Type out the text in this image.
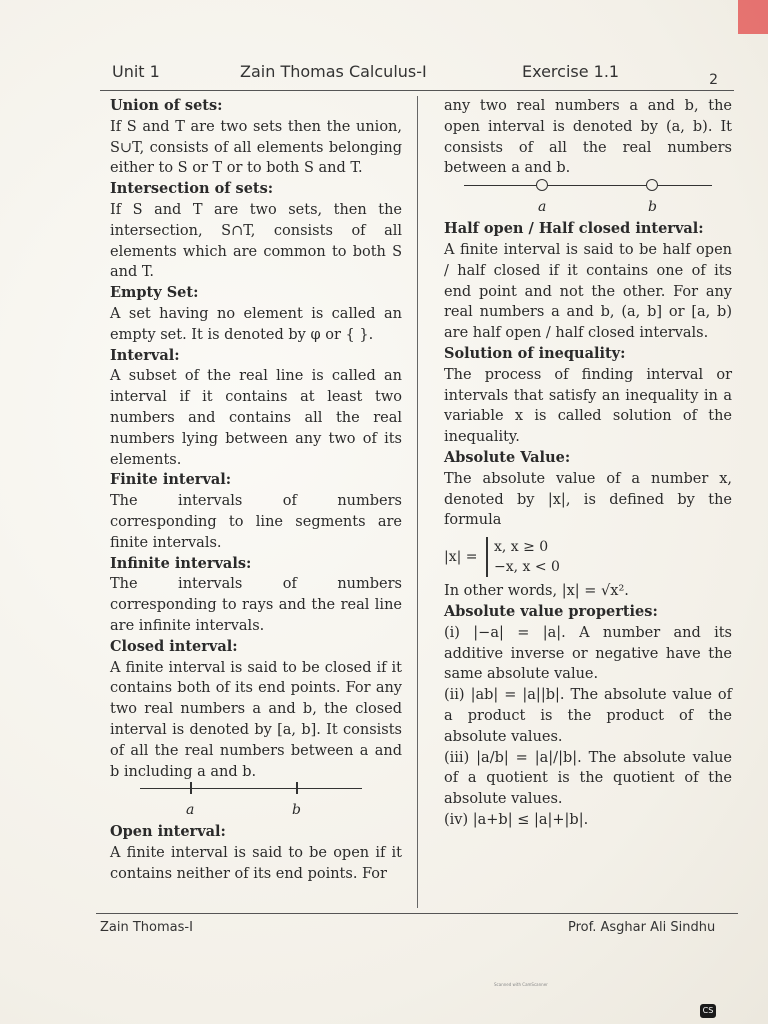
Unit 1	Zain Thomas Calculus-I	Exercise 1.1	2
Union of sets:

If S and T are two sets then the union, S∪T, consists of all elements belonging either to S or T or to both S and T.

Intersection of sets:

If S and T are two sets, then the intersection, S∩T, consists of all elements which are common to both S and T.

Empty Set:

A set having no element is called an empty set. It is denoted by φ or { }.

Interval:

A subset of the real line is called an interval if it contains at least two numbers and contains all the real numbers lying between any two of its elements.

Finite interval:

The intervals of numbers corresponding to line segments are finite intervals.

Infinite intervals:

The intervals of numbers corresponding to rays and the real line are infinite intervals.

Closed interval:

A finite interval is said to be closed if it contains both of its end points. For any two real numbers a and b, the closed interval is denoted by [a, b]. It consists of all the real numbers between a and b including a and b.

a	b
Open interval:

A finite interval is said to be open if it contains neither of its end points. For

any two real numbers a and b, the open interval is denoted by (a, b). It consists of all the real numbers between a and b.

a	b
Half open / Half closed interval:

A finite interval is said to be half open / half closed if it contains one of its end point and not the other. For any real numbers a and b, (a, b] or [a, b) are half open / half closed intervals.

Solution of inequality:

The process of finding interval or intervals that satisfy an inequality in a variable x is called solution of the inequality.

Absolute Value:

The absolute value of a number x, denoted by |x|, is defined by the formula

|x| = x, x ≥ 0
−x, x < 0

In other words, |x| = √x².

Absolute value properties:

(i) |−a| = |a|. A number and its additive inverse or negative have the same absolute value.

(ii) |ab| = |a||b|. The absolute value of a product is the product of the absolute values.

(iii) |a/b| = |a|/|b|. The absolute value of a quotient is the quotient of the absolute values.

(iv) |a+b| ≤ |a|+|b|.

Zain Thomas-I	Prof. Asghar Ali Sindhu
Scanned with CamScanner
CS
